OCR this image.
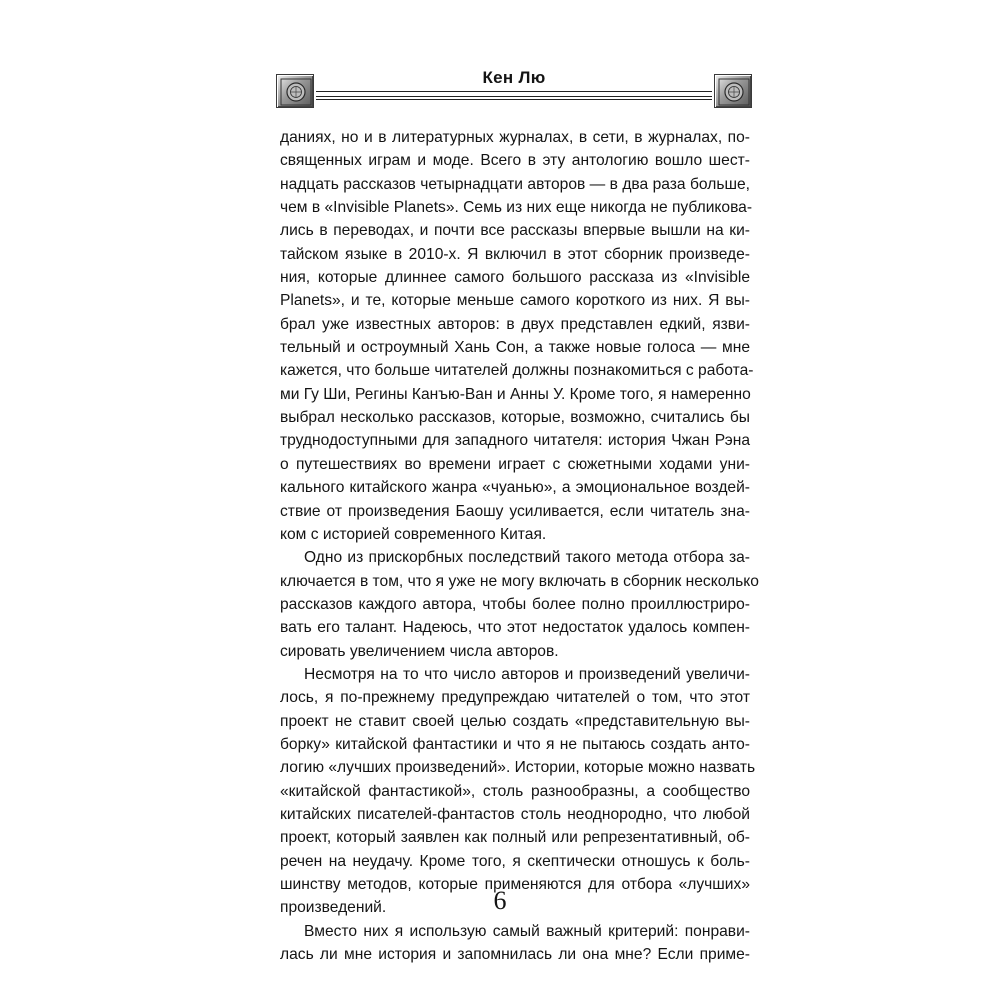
Кен Лю
даниях, но и в литературных журналах, в сети, в журналах, по-
священных играм и моде. Всего в эту антологию вошло шест-
надцать рассказов четырнадцати авторов — в два раза больше,
чем в «Invisible Planets». Семь из них еще никогда не публикова-
лись в переводах, и почти все рассказы впервые вышли на ки-
тайском языке в 2010-х. Я включил в этот сборник произведе-
ния, которые длиннее самого большого рассказа из «Invisible
Planets», и те, которые меньше самого короткого из них. Я вы-
брал уже известных авторов: в двух представлен едкий, язви-
тельный и остроумный Хань Сон, а также новые голоса — мне
кажется, что больше читателей должны познакомиться с работа-
ми Гу Ши, Регины Канъю-Ван и Анны У. Кроме того, я намеренно
выбрал несколько рассказов, которые, возможно, считались бы
труднодоступными для западного читателя: история Чжан Рэна
о путешествиях во времени играет с сюжетными ходами уни-
кального китайского жанра «чуанью», а эмоциональное воздей-
ствие от произведения Баошу усиливается, если читатель зна-
ком с историей современного Китая.
Одно из прискорбных последствий такого метода отбора за-
ключается в том, что я уже не могу включать в сборник несколько
рассказов каждого автора, чтобы более полно проиллюстриро-
вать его талант. Надеюсь, что этот недостаток удалось компен-
сировать увеличением числа авторов.
Несмотря на то что число авторов и произведений увеличи-
лось, я по-прежнему предупреждаю читателей о том, что этот
проект не ставит своей целью создать «представительную вы-
борку» китайской фантастики и что я не пытаюсь создать анто-
логию «лучших произведений». Истории, которые можно назвать
«китайской фантастикой», столь разнообразны, а сообщество
китайских писателей-фантастов столь неоднородно, что любой
проект, который заявлен как полный или репрезентативный, об-
речен на неудачу. Кроме того, я скептически отношусь к боль-
шинству методов, которые применяются для отбора «лучших»
произведений.
Вместо них я использую самый важный критерий: понрави-
лась ли мне история и запомнилась ли она мне? Если приме-
6
